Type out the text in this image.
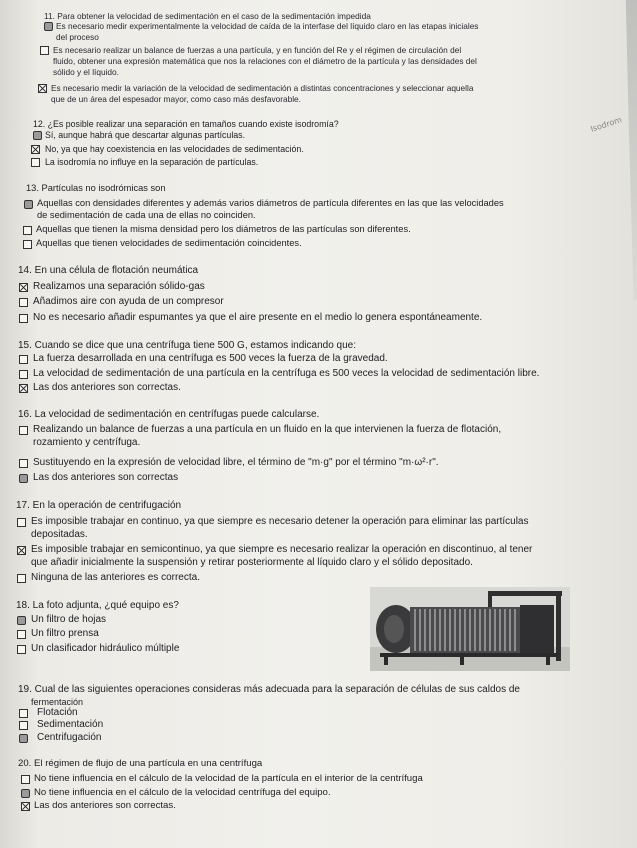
11. Para obtener la velocidad de sedimentación en el caso de la sedimentación impedida
Es necesario medir experimentalmente la velocidad de caída de la interfase del líquido claro en las etapas iniciales
del proceso
Es necesario realizar un balance de fuerzas a una partícula, y en función del Re y el régimen de circulación del
fluido, obtener una expresión matemática que nos la relaciones con el diámetro de la partícula y las densidades del
sólido y el líquido.
Es necesario medir la variación de la velocidad de sedimentación a distintas concentraciones y seleccionar aquella
que de un área del espesador mayor, como caso más desfavorable.
Isodrom
12. ¿Es posible realizar una separación en tamaños cuando existe isodromía?
Sí, aunque habrá que descartar algunas partículas.
No, ya que hay coexistencia en las velocidades de sedimentación.
La isodromía no influye en la separación de partículas.
13. Partículas no isodrómicas son
Aquellas con densidades diferentes y además varios diámetros de partícula diferentes en las que las velocidades
de sedimentación de cada una de ellas no coinciden.
Aquellas que tienen la misma densidad pero los diámetros de las partículas son diferentes.
Aquellas que tienen velocidades de sedimentación coincidentes.
14. En una célula de flotación neumática
Realizamos una separación sólido-gas
Añadimos aire con ayuda de un compresor
No es necesario añadir espumantes ya que el aire presente en el medio lo genera espontáneamente.
15. Cuando se dice que una centrífuga tiene 500 G, estamos indicando que:
La fuerza desarrollada en una centrífuga es 500 veces la fuerza de la gravedad.
La velocidad de sedimentación de una partícula en la centrífuga es 500 veces la velocidad de sedimentación libre.
Las dos anteriores son correctas.
16. La velocidad de sedimentación en centrífugas puede calcularse.
Realizando un balance de fuerzas a una partícula en un fluido en la que intervienen la fuerza de flotación,
rozamiento y centrífuga.
Sustituyendo en la expresión de velocidad libre, el término de "m·g" por el término "m·ω²·r".
Las dos anteriores son correctas
17. En la operación de centrifugación
Es imposible trabajar en continuo, ya que siempre es necesario detener la operación para eliminar las partículas
depositadas.
Es imposible trabajar en semicontinuo, ya que siempre es necesario realizar la operación en discontinuo, al tener
que añadir inicialmente la suspensión y retirar posteriormente al líquido claro y el sólido depositado.
Ninguna de las anteriores es correcta.
18. La foto adjunta, ¿qué equipo es?
Un filtro de hojas
Un filtro prensa
Un clasificador hidráulico múltiple
19. Cual de las siguientes operaciones consideras más adecuada para la separación de células de sus caldos de
fermentación
Flotación
Sedimentación
Centrifugación
20. El régimen de flujo de una partícula en una centrífuga
No tiene influencia en el cálculo de la velocidad de la partícula en el interior de la centrífuga
No tiene influencia en el cálculo de la velocidad centrífuga del equipo.
Las dos anteriores son correctas.
